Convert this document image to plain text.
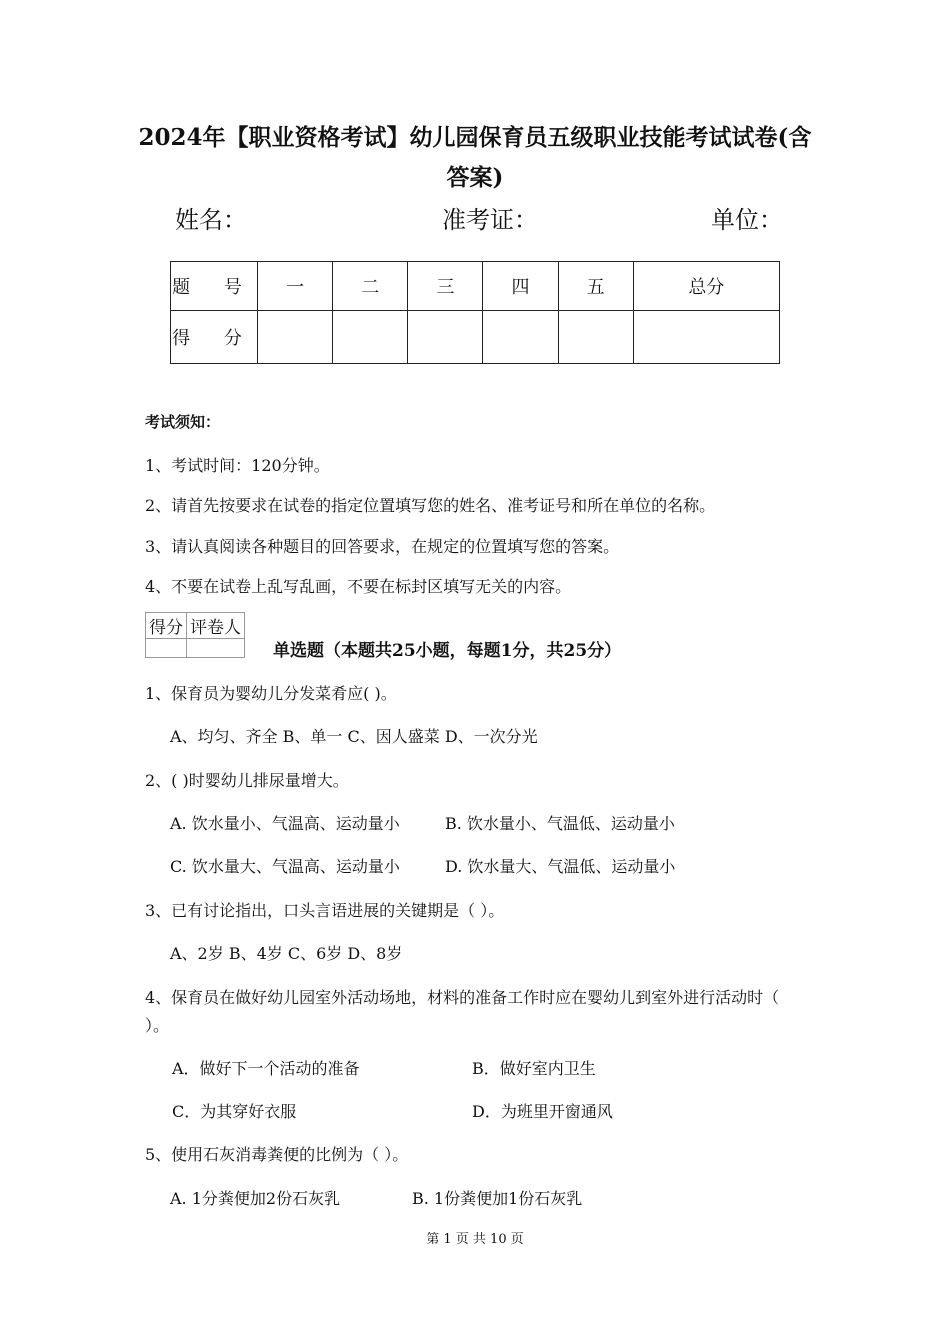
2024年【职业资格考试】幼儿园保育员五级职业技能考试试卷(含
答案)
姓名：	准考证：	单位：
题 号	一	二	三	四	五	总分
得 分						
考试须知：
1、考试时间：120分钟。
2、请首先按要求在试卷的指定位置填写您的姓名、准考证号和所在单位的名称。
3、请认真阅读各种题目的回答要求，在规定的位置填写您的答案。
4、不要在试卷上乱写乱画，不要在标封区填写无关的内容。
得分	评卷人

单选题（本题共25小题，每题1分，共25分）
1、保育员为婴幼儿分发菜肴应( )。
A、均匀、齐全 B、单一 C、因人盛菜 D、一次分光
2、( )时婴幼儿排尿量增大。
A. 饮水量小、气温高、运动量小	B. 饮水量小、气温低、运动量小
C. 饮水量大、气温高、运动量小	D. 饮水量大、气温低、运动量小
3、已有讨论指出，口头言语进展的关键期是（ ）。
A、2岁 B、4岁 C、6岁 D、8岁
4、保育员在做好幼儿园室外活动场地，材料的准备工作时应在婴幼儿到室外进行活动时（
）。
A．做好下一个活动的准备	B．做好室内卫生
C．为其穿好衣服	D．为班里开窗通风
5、使用石灰消毒粪便的比例为（ ）。
A. 1分粪便加2份石灰乳	B. 1份粪便加1份石灰乳
第 1 页 共 10 页
